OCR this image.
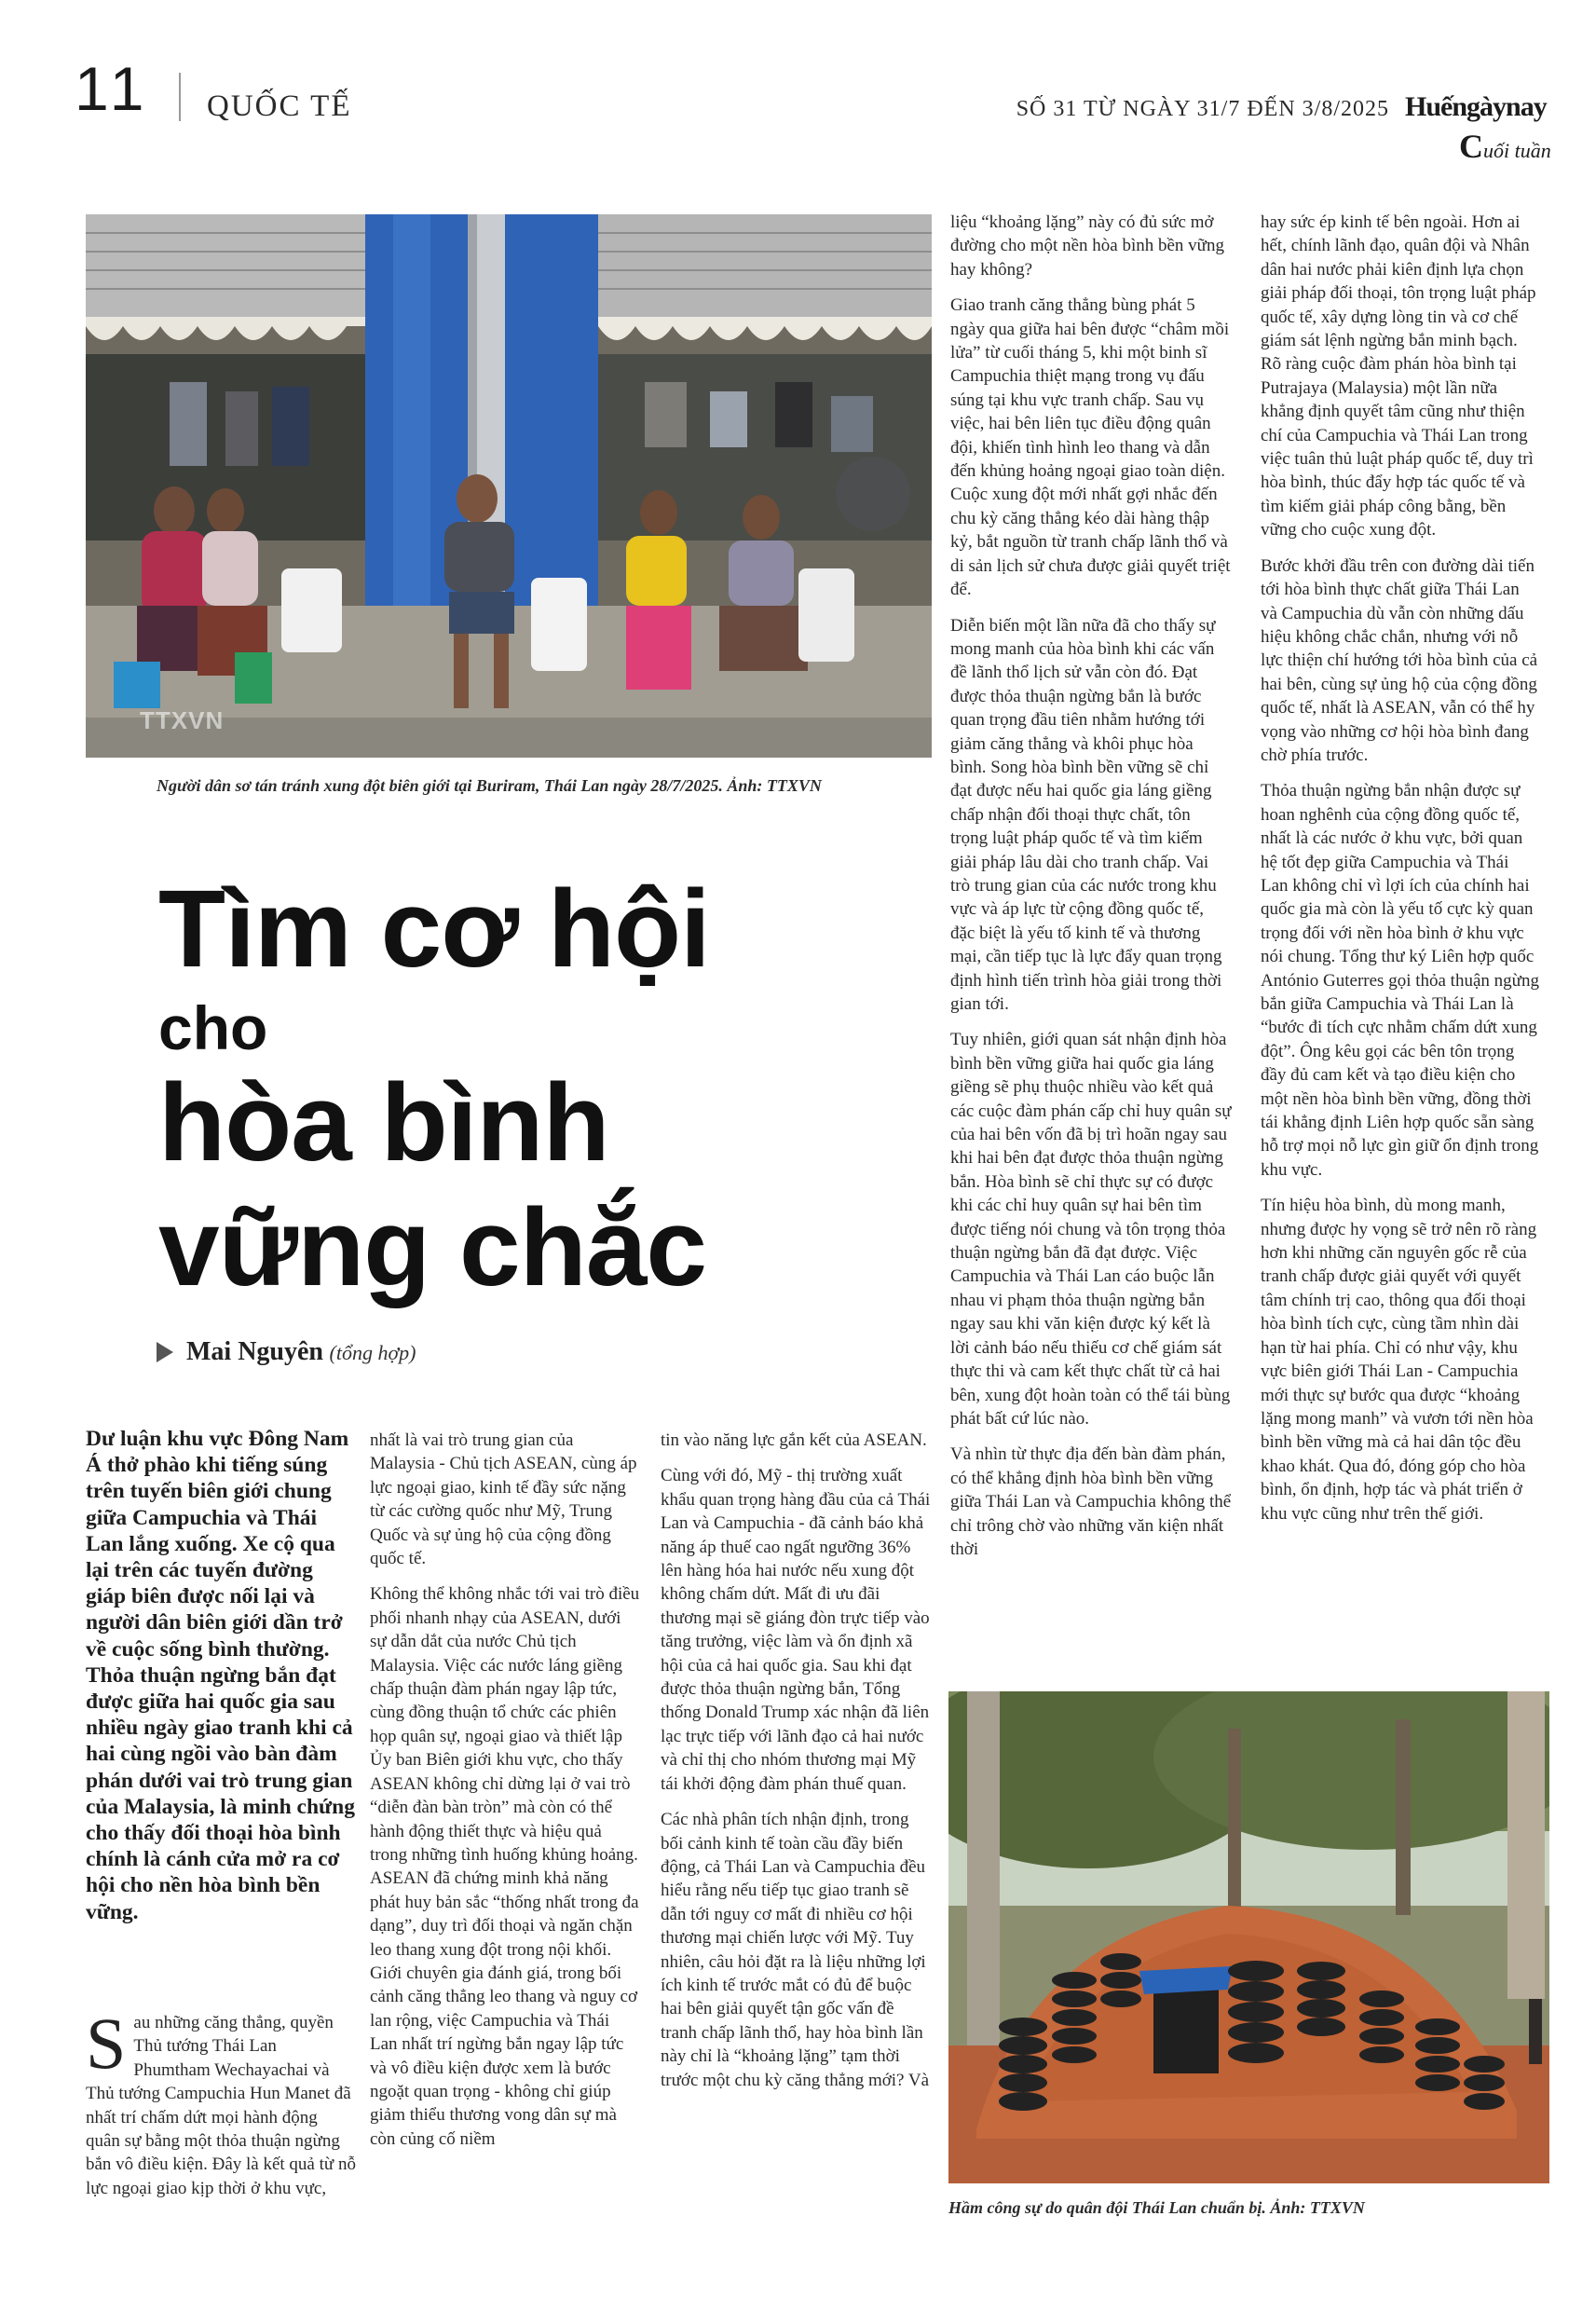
11 QUỐC TẾ	SỐ 31 TỪ NGÀY 31/7 ĐẾN 3/8/2025 Huếngàynay
Cuối tuần
TTXVN
Người dân sơ tán tránh xung đột biên giới tại Buriram, Thái Lan ngày 28/7/2025. Ảnh: TTXVN
Tìm cơ hội
cho
hòa bình
vững chắc
Mai Nguyên (tổng hợp)
Dư luận khu vực Đông Nam Á thở phào khi tiếng súng trên tuyến biên giới chung giữa Campuchia và Thái Lan lắng xuống. Xe cộ qua lại trên các tuyến đường giáp biên được nối lại và người dân biên giới dần trở về cuộc sống bình thường. Thỏa thuận ngừng bắn đạt được giữa hai quốc gia sau nhiều ngày giao tranh khi cả hai cùng ngồi vào bàn đàm phán dưới vai trò trung gian của Malaysia, là minh chứng cho thấy đối thoại hòa bình chính là cánh cửa mở ra cơ hội cho nền hòa bình bền vững.

Sau những căng thẳng, quyền Thủ tướng Thái Lan Phumtham Wechayachai và Thủ tướng Campuchia Hun Manet đã nhất trí chấm dứt mọi hành động quân sự bằng một thỏa thuận ngừng bắn vô điều kiện. Đây là kết quả từ nỗ lực ngoại giao kịp thời ở khu vực,

nhất là vai trò trung gian của Malaysia - Chủ tịch ASEAN, cùng áp lực ngoại giao, kinh tế đầy sức nặng từ các cường quốc như Mỹ, Trung Quốc và sự ủng hộ của cộng đồng quốc tế.

Không thể không nhắc tới vai trò điều phối nhanh nhạy của ASEAN, dưới sự dẫn dắt của nước Chủ tịch Malaysia. Việc các nước láng giềng chấp thuận đàm phán ngay lập tức, cùng đồng thuận tổ chức các phiên họp quân sự, ngoại giao và thiết lập Ủy ban Biên giới khu vực, cho thấy ASEAN không chỉ dừng lại ở vai trò “diễn đàn bàn tròn” mà còn có thể hành động thiết thực và hiệu quả trong những tình huống khủng hoảng. ASEAN đã chứng minh khả năng phát huy bản sắc “thống nhất trong đa dạng”, duy trì đối thoại và ngăn chặn leo thang xung đột trong nội khối. Giới chuyên gia đánh giá, trong bối cảnh căng thẳng leo thang và nguy cơ lan rộng, việc Campuchia và Thái Lan nhất trí ngừng bắn ngay lập tức và vô điều kiện được xem là bước ngoặt quan trọng - không chỉ giúp giảm thiểu thương vong dân sự mà còn củng cố niềm

tin vào năng lực gắn kết của ASEAN.

Cùng với đó, Mỹ - thị trường xuất khẩu quan trọng hàng đầu của cả Thái Lan và Campuchia - đã cảnh báo khả năng áp thuế cao ngất ngưỡng 36% lên hàng hóa hai nước nếu xung đột không chấm dứt. Mất đi ưu đãi thương mại sẽ giáng đòn trực tiếp vào tăng trưởng, việc làm và ổn định xã hội của cả hai quốc gia. Sau khi đạt được thỏa thuận ngừng bắn, Tổng thống Donald Trump xác nhận đã liên lạc trực tiếp với lãnh đạo cả hai nước và chỉ thị cho nhóm thương mại Mỹ tái khởi động đàm phán thuế quan.

Các nhà phân tích nhận định, trong bối cảnh kinh tế toàn cầu đầy biến động, cả Thái Lan và Campuchia đều hiểu rằng nếu tiếp tục giao tranh sẽ dẫn tới nguy cơ mất đi nhiều cơ hội thương mại chiến lược với Mỹ. Tuy nhiên, câu hỏi đặt ra là liệu những lợi ích kinh tế trước mắt có đủ để buộc hai bên giải quyết tận gốc vấn đề tranh chấp lãnh thổ, hay hòa bình lần này chỉ là “khoảng lặng” tạm thời trước một chu kỳ căng thẳng mới? Và

liệu “khoảng lặng” này có đủ sức mở đường cho một nền hòa bình bền vững hay không?

Giao tranh căng thẳng bùng phát 5 ngày qua giữa hai bên được “châm mồi lửa” từ cuối tháng 5, khi một binh sĩ Campuchia thiệt mạng trong vụ đấu súng tại khu vực tranh chấp. Sau vụ việc, hai bên liên tục điều động quân đội, khiến tình hình leo thang và dẫn đến khủng hoảng ngoại giao toàn diện. Cuộc xung đột mới nhất gợi nhắc đến chu kỳ căng thẳng kéo dài hàng thập kỷ, bắt nguồn từ tranh chấp lãnh thổ và di sản lịch sử chưa được giải quyết triệt để.

Diễn biến một lần nữa đã cho thấy sự mong manh của hòa bình khi các vấn đề lãnh thổ lịch sử vẫn còn đó. Đạt được thỏa thuận ngừng bắn là bước quan trọng đầu tiên nhằm hướng tới giảm căng thẳng và khôi phục hòa bình. Song hòa bình bền vững sẽ chỉ đạt được nếu hai quốc gia láng giềng chấp nhận đối thoại thực chất, tôn trọng luật pháp quốc tế và tìm kiếm giải pháp lâu dài cho tranh chấp. Vai trò trung gian của các nước trong khu vực và áp lực từ cộng đồng quốc tế, đặc biệt là yếu tố kinh tế và thương mại, cần tiếp tục là lực đẩy quan trọng định hình tiến trình hòa giải trong thời gian tới.

Tuy nhiên, giới quan sát nhận định hòa bình bền vững giữa hai quốc gia láng giềng sẽ phụ thuộc nhiều vào kết quả các cuộc đàm phán cấp chỉ huy quân sự của hai bên vốn đã bị trì hoãn ngay sau khi hai bên đạt được thỏa thuận ngừng bắn. Hòa bình sẽ chỉ thực sự có được khi các chỉ huy quân sự hai bên tìm được tiếng nói chung và tôn trọng thỏa thuận ngừng bắn đã đạt được. Việc Campuchia và Thái Lan cáo buộc lẫn nhau vi phạm thỏa thuận ngừng bắn ngay sau khi văn kiện được ký kết là lời cảnh báo nếu thiếu cơ chế giám sát thực thi và cam kết thực chất từ cả hai bên, xung đột hoàn toàn có thể tái bùng phát bất cứ lúc nào.

Và nhìn từ thực địa đến bàn đàm phán, có thể khẳng định hòa bình bền vững giữa Thái Lan và Campuchia không thể chỉ trông chờ vào những văn kiện nhất thời

hay sức ép kinh tế bên ngoài. Hơn ai hết, chính lãnh đạo, quân đội và Nhân dân hai nước phải kiên định lựa chọn giải pháp đối thoại, tôn trọng luật pháp quốc tế, xây dựng lòng tin và cơ chế giám sát lệnh ngừng bắn minh bạch. Rõ ràng cuộc đàm phán hòa bình tại Putrajaya (Malaysia) một lần nữa khẳng định quyết tâm cũng như thiện chí của Campuchia và Thái Lan trong việc tuân thủ luật pháp quốc tế, duy trì hòa bình, thúc đẩy hợp tác quốc tế và tìm kiếm giải pháp công bằng, bền vững cho cuộc xung đột.

Bước khởi đầu trên con đường dài tiến tới hòa bình thực chất giữa Thái Lan và Campuchia dù vẫn còn những dấu hiệu không chắc chắn, nhưng với nỗ lực thiện chí hướng tới hòa bình của cả hai bên, cùng sự ủng hộ của cộng đồng quốc tế, nhất là ASEAN, vẫn có thể hy vọng vào những cơ hội hòa bình đang chờ phía trước.

Thỏa thuận ngừng bắn nhận được sự hoan nghênh của cộng đồng quốc tế, nhất là các nước ở khu vực, bởi quan hệ tốt đẹp giữa Campuchia và Thái Lan không chỉ vì lợi ích của chính hai quốc gia mà còn là yếu tố cực kỳ quan trọng đối với nền hòa bình ở khu vực nói chung. Tổng thư ký Liên hợp quốc António Guterres gọi thỏa thuận ngừng bắn giữa Campuchia và Thái Lan là “bước đi tích cực nhằm chấm dứt xung đột”. Ông kêu gọi các bên tôn trọng đầy đủ cam kết và tạo điều kiện cho một nền hòa bình bền vững, đồng thời tái khẳng định Liên hợp quốc sẵn sàng hỗ trợ mọi nỗ lực gìn giữ ổn định trong khu vực.

Tín hiệu hòa bình, dù mong manh, nhưng được hy vọng sẽ trở nên rõ ràng hơn khi những căn nguyên gốc rễ của tranh chấp được giải quyết với quyết tâm chính trị cao, thông qua đối thoại hòa bình tích cực, cùng tầm nhìn dài hạn từ hai phía. Chỉ có như vậy, khu vực biên giới Thái Lan - Campuchia mới thực sự bước qua được “khoảng lặng mong manh” và vươn tới nền hòa bình bền vững mà cả hai dân tộc đều khao khát. Qua đó, đóng góp cho hòa bình, ổn định, hợp tác và phát triển ở khu vực cũng như trên thế giới.

Hầm công sự do quân đội Thái Lan chuẩn bị. Ảnh: TTXVN
